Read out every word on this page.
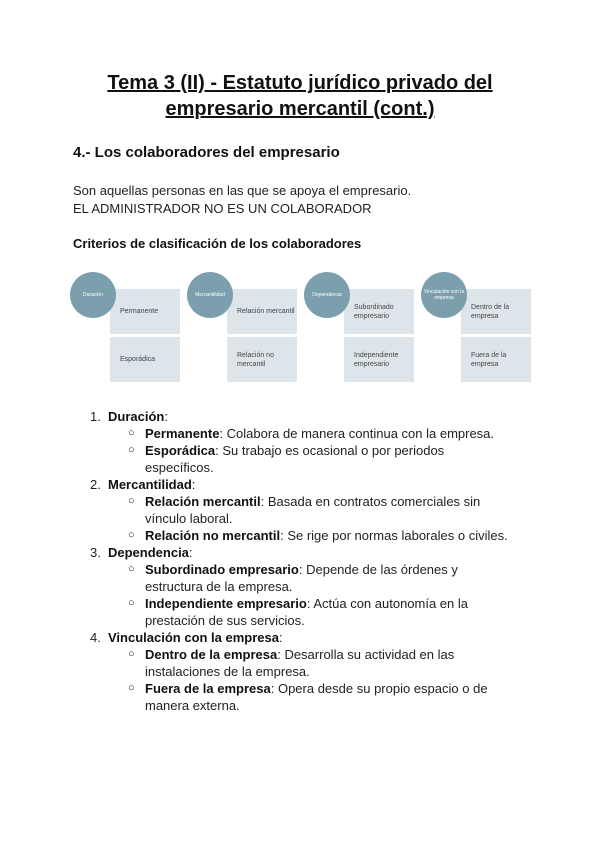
Tema 3 (II) - Estatuto jurídico privado del
empresario mercantil (cont.)
4.- Los colaboradores del empresario
Son aquellas personas en las que se apoya el empresario.
EL ADMINISTRADOR NO ES UN COLABORADOR
Criterios de clasificación de los colaboradores
Duración
Permanente
Esporádica
Mercantilidad
Relación mercantil
Relación no mercantil
Dependencia
Subordinado empresario
Independiente empresario
Vinculación con la empresa
Dentro de la empresa
Fuera de la empresa
1. Duración:
○ Permanente: Colabora de manera continua con la empresa.
○ Esporádica: Su trabajo es ocasional o por periodos específicos.
2. Mercantilidad:
○ Relación mercantil: Basada en contratos comerciales sin vínculo laboral.
○ Relación no mercantil: Se rige por normas laborales o civiles.
3. Dependencia:
○ Subordinado empresario: Depende de las órdenes y estructura de la empresa.
○ Independiente empresario: Actúa con autonomía en la prestación de sus servicios.
4. Vinculación con la empresa:
○ Dentro de la empresa: Desarrolla su actividad en las instalaciones de la empresa.
○ Fuera de la empresa: Opera desde su propio espacio o de manera externa.
